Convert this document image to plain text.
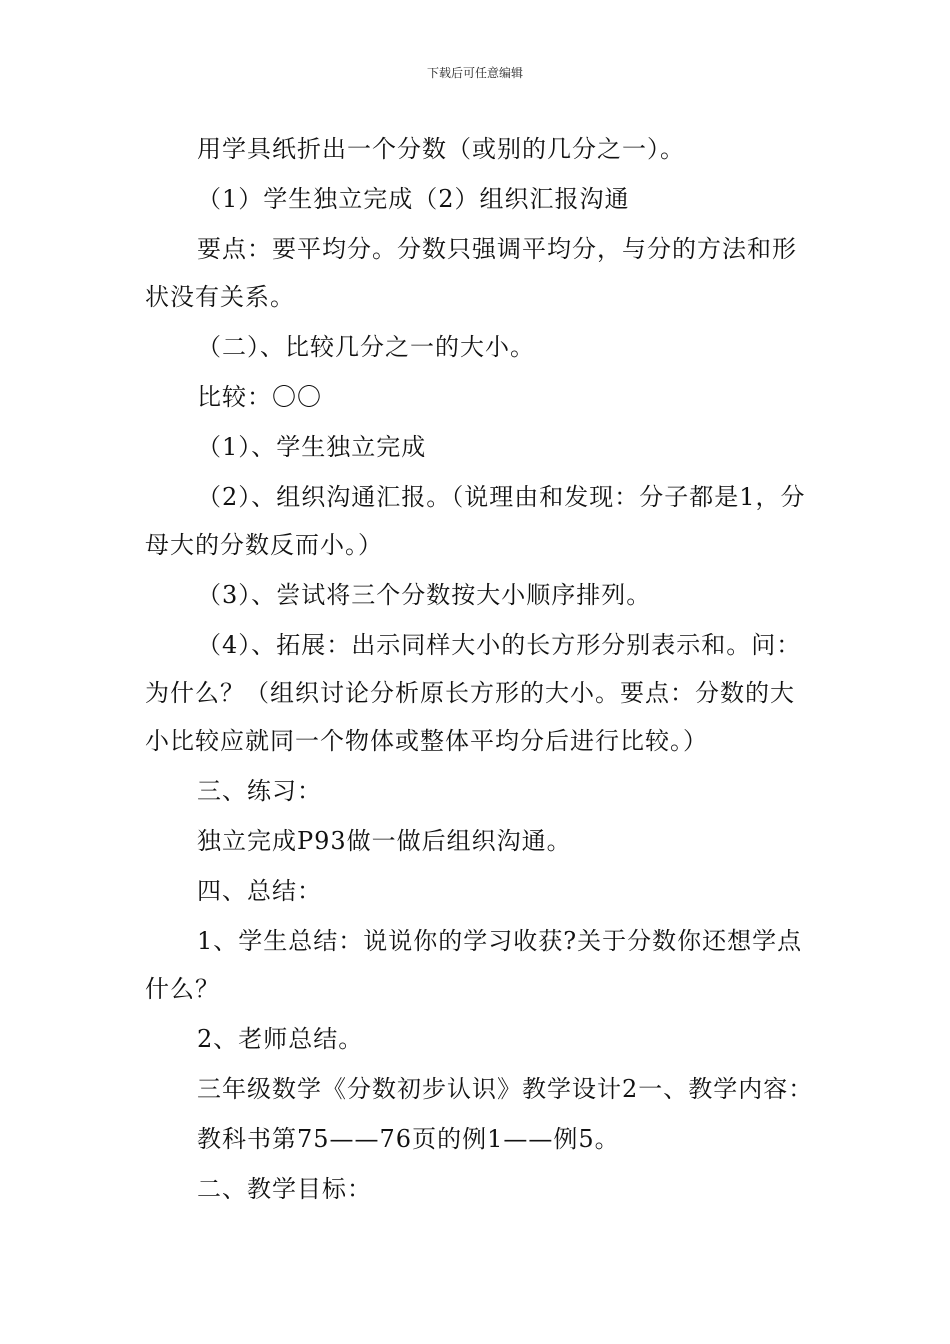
下载后可任意编辑

用学具纸折出一个分数（或别的几分之一）。

（1）学生独立完成（2）组织汇报沟通

要点：要平均分。分数只强调平均分，与分的方法和形状没有关系。

（二）、比较几分之一的大小。

比较：〇〇

（1）、学生独立完成

（2）、组织沟通汇报。（说理由和发现：分子都是1，分母大的分数反而小。）

（3）、尝试将三个分数按大小顺序排列。

（4）、拓展：出示同样大小的长方形分别表示和。问：为什么？（组织讨论分析原长方形的大小。要点：分数的大小比较应就同一个物体或整体平均分后进行比较。）

三、练习：

独立完成P93做一做后组织沟通。

四、总结：

1、学生总结：说说你的学习收获?关于分数你还想学点什么？

2、老师总结。

三年级数学《分数初步认识》教学设计2一、教学内容：

教科书第75——76页的例1——例5。

二、教学目标：
